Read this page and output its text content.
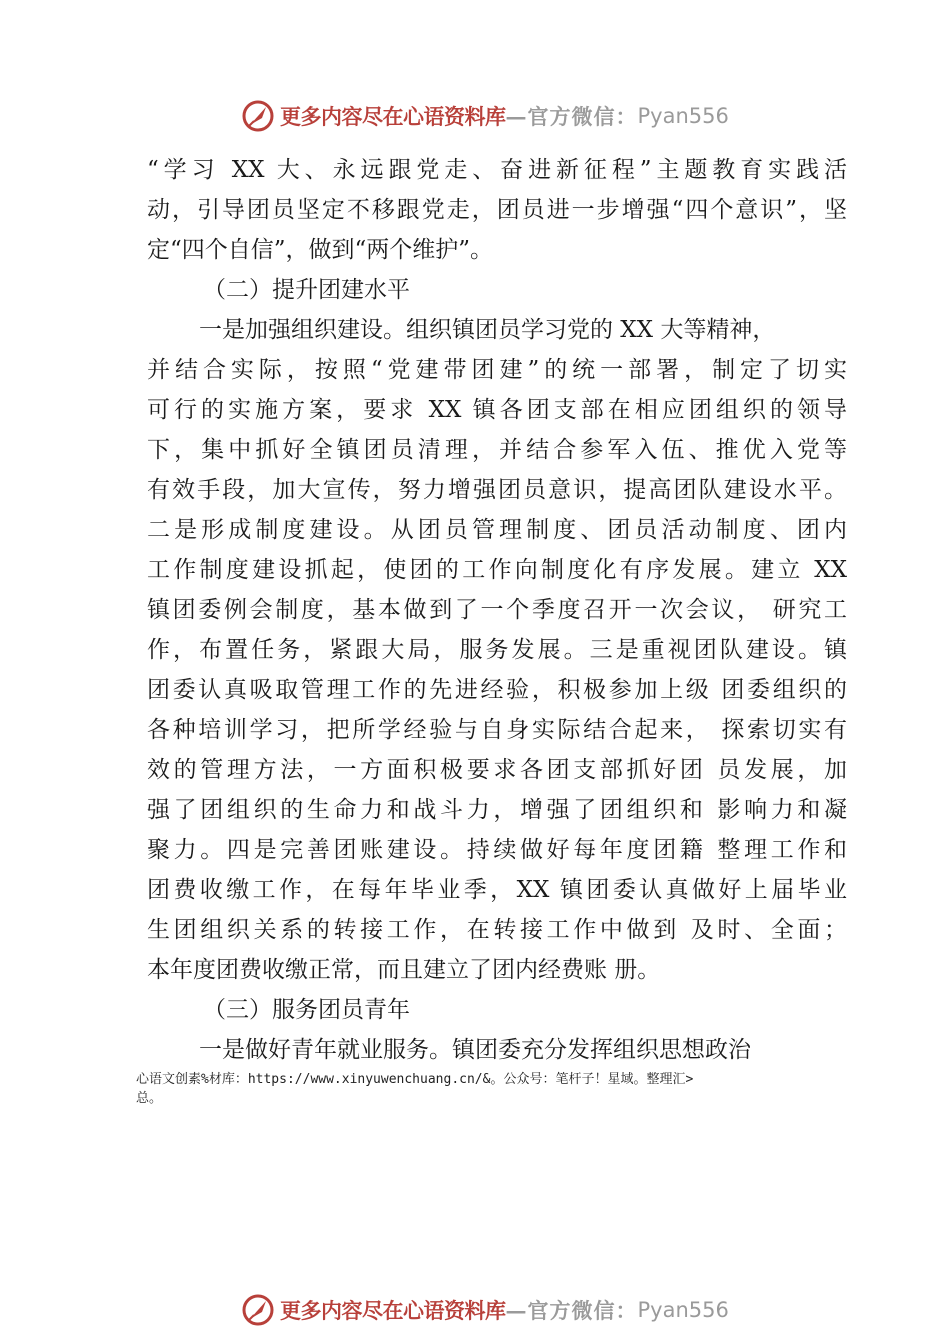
更多内容尽在心语资料库 — 官方微信： Pyan556
“学习 XX 大、永远跟党走、奋进新征程”主题教育实践活
动，引导团员坚定不移跟党走，团员进一步增强“四个意识”，坚
定“四个自信”，做到“两个维护”。
（二）提升团建水平
一是加强组织建设。组织镇团员学习党的 XX 大等精神，
并结合实际，按照“党建带团建”的统一部署，制定了切实
可行的实施方案，要求 XX 镇各团支部在相应团组织的领导
下，集中抓好全镇团员清理，并结合参军入伍、推优入党等
有效手段，加大宣传，努力增强团员意识，提高团队建设水平。
二是形成制度建设。从团员管理制度、团员活动制度、团内
工作制度建设抓起，使团的工作向制度化有序发展。建立 XX
镇团委例会制度，基本做到了一个季度召开一次会议， 研究工
作，布置任务，紧跟大局，服务发展。三是重视团队建设。镇
团委认真吸取管理工作的先进经验，积极参加上级 团委组织的
各种培训学习，把所学经验与自身实际结合起来， 探索切实有
效的管理方法，一方面积极要求各团支部抓好团 员发展，加
强了团组织的生命力和战斗力，增强了团组织和 影响力和凝
聚力。四是完善团账建设。持续做好每年度团籍 整理工作和
团费收缴工作，在每年毕业季，XX 镇团委认真做好上届毕业
生团组织关系的转接工作，在转接工作中做到 及时、全面；
本年度团费收缴正常，而且建立了团内经费账 册。
（三）服务团员青年
一是做好青年就业服务。镇团委充分发挥组织思想政治
心语文创素%材库：https://www.xinyuwenchuang.cn/&。公众号：笔杆子！星域。整理汇>
总。
更多内容尽在心语资料库 — 官方微信： Pyan556
